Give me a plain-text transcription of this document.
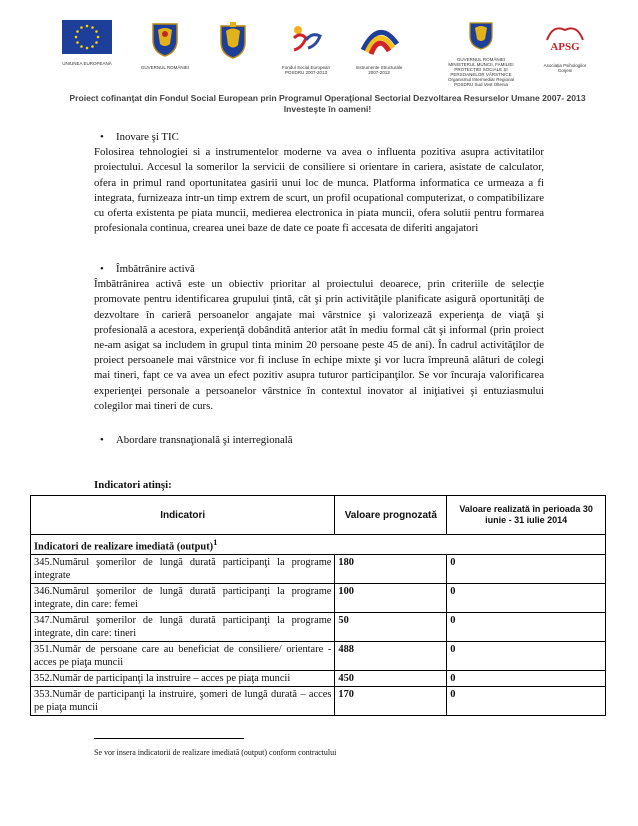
UNIUNEA EUROPEANĂ
GUVERNUL ROMÂNIEI	Fondul Social European
POSDRU 2007-2013
Instrumente Structurale
2007-2013
GUVERNUL ROMÂNIEI
MINISTERUL MUNCII, FAMILIEI
PROTECȚIEI SOCIALE ȘI
PERSOANELOR VÂRSTNICE
Organismul Intermediar Regional
POSDRU Sud Vest Oltenia
APSG
Asociația Psihologilor
Gorjeni
Proiect cofinanţat din Fondul Social European prin Programul Operaţional Sectorial Dezvoltarea Resurselor Umane 2007- 2013
Investeşte în oameni!
• Inovare şi TIC
Folosirea tehnologiei si a instrumentelor moderne va avea o influenta pozitiva asupra activitatilor proiectului. Accesul la somerilor la servicii de consiliere si orientare in cariera, asistate de calculator, ofera in primul rand oportunitatea gasirii unui loc de munca. Platforma informatica ce urmeaza a fi integrata, furnizeaza intr-un timp extrem de scurt, un profil ocupational computerizat, o compatibilizare cu oferta existenta pe piata muncii, medierea electronica in piata muncii, ofera solutii pentru formarea profesionala continua, crearea unei baze de date ce poate fi accesata de diferiti angajatori
• Îmbătrânire activă
Îmbătrânirea activă este un obiectiv prioritar al proiectului deoarece, prin criteriile de selecţie promovate pentru identificarea grupului ţintă, cât şi prin activităţile planificate asigură oportunităţi de dezvoltare în carieră persoanelor angajate mai vârstnice şi valorizează experienţa de viaţă şi profesională a acestora, experienţă dobândită anterior atât în mediu formal cât şi informal (prin proiect ne-am asigat sa includem in grupul tinta minim 20 persoane peste 45 de ani). În cadrul activităţilor de proiect persoanele mai vârstnice vor fi incluse în echipe mixte şi vor lucra împreună alături de colegi mai tineri, fapt ce va avea un efect pozitiv asupra tuturor participanţilor. Se vor încuraja valorificarea experienţei personale a persoanelor vârstnice în contextul inovator al iniţiativei şi entuziasmului colegilor mai tineri de curs.
• Abordare transnaţională şi interregională
Indicatori atinşi:
Indicatori	Valoare prognozată	Valoare realizată în perioada 30 iunie - 31 iulie 2014
Indicatori de realizare imediată (output)$^1$
345.Numărul şomerilor de lungă durată participanţi la programe integrate	180	0
346.Numărul şomerilor de lungă durată participanţi la programe integrate, din care: femei	100	0
347.Numărul şomerilor de lungă durată participanţi la programe integrate, din care: tineri	50	0
351.Număr de persoane care au beneficiat de consiliere/ orientare - acces pe piaţa muncii	488	0
352.Număr de participanţi la instruire – acces pe piaţa muncii	450	0
353.Număr de participanţi la instruire, şomeri de lungă durată – acces pe piaţa muncii	170	0
Se vor insera indicatorii de realizare imediată (output) conform contractului
